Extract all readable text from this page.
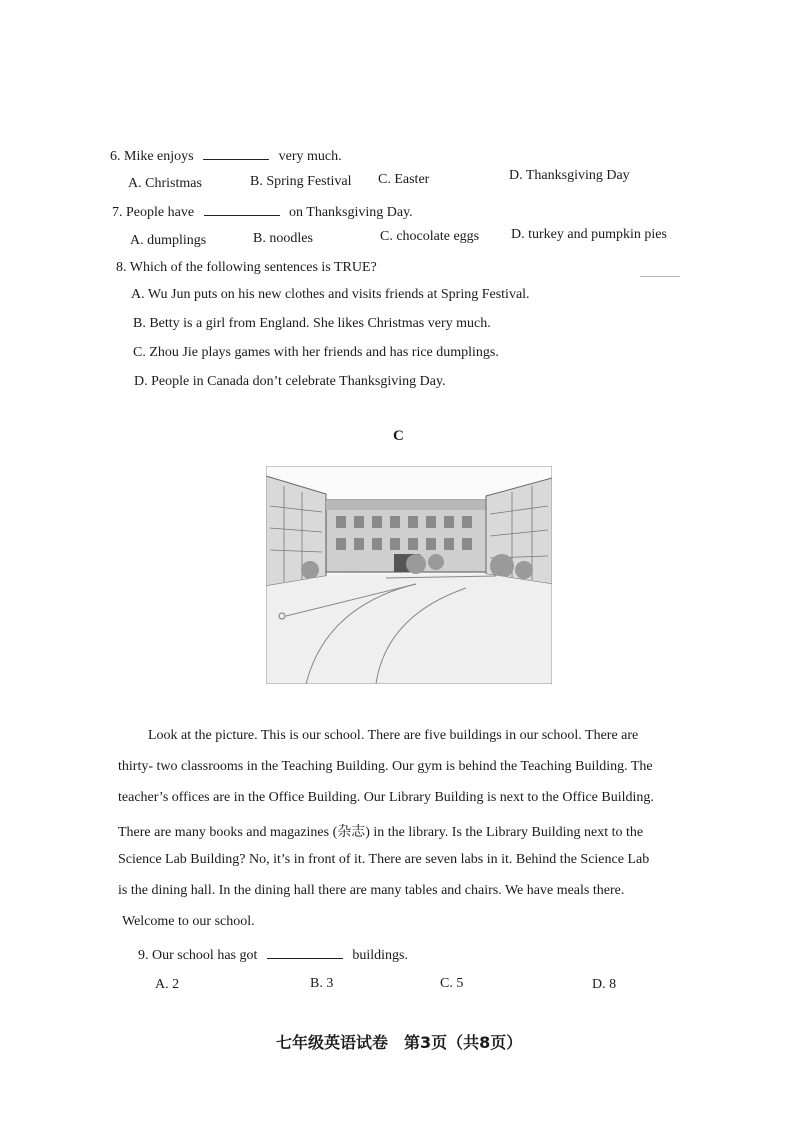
6. Mike enjoys	very much.
A. Christmas	B. Spring Festival C. Easter	D. Thanksgiving Day
7. People have	on Thanksgiving Day.
A. dumplings	B. noodles	C. chocolate eggs D. turkey and pumpkin pies
8. Which of the following sentences is TRUE?
A. Wu Jun puts on his new clothes and visits friends at Spring Festival.
B. Betty is a girl from England. She likes Christmas very much.
C. Zhou Jie plays games with her friends and has rice dumplings.
D. People in Canada don’t celebrate Thanksgiving Day.
C
Look at the picture. This is our school. There are five buildings in our school. There are
thirty- two classrooms in the Teaching Building. Our gym is behind the Teaching Building. The
teacher’s offices are in the Office Building. Our Library Building is next to the Office Building.
There are many books and magazines (杂志) in the library. Is the Library Building next to the
Science Lab Building? No, it’s in front of it. There are seven labs in it. Behind the Science Lab
is the dining hall. In the dining hall there are many tables and chairs. We have meals there.
Welcome to our school.
9. Our school has got	buildings.
A. 2	B. 3	C. 5	D. 8
七年级英语试卷　第3页（共8页）
